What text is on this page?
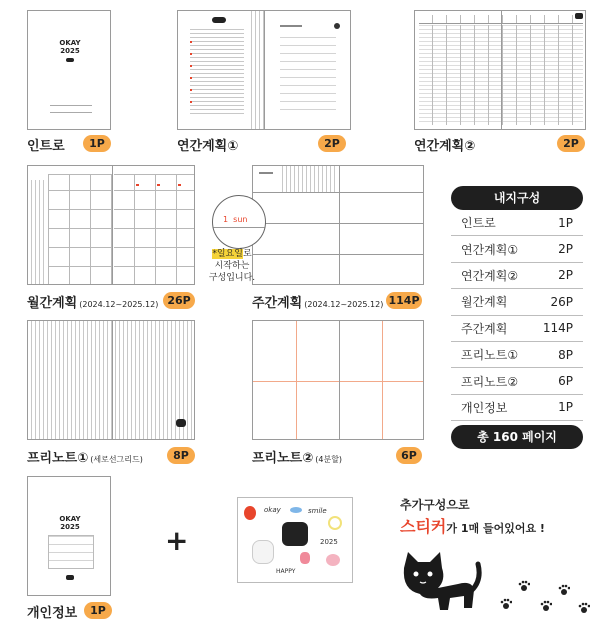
OKAY
2025
인트로	1P	연간계획①	2P	연간계획②	2P
월간계획 (2024.12~2025.12) 26P
1  sun
*일요일로
시작하는
구성입니다.
주간계획 (2024.12~2025.12) 114P
프리노트① (세로선그리드)	8P	프리노트② (4분할)	6P
내지구성
인트로	1P
연간계획①	2P
연간계획②	2P
월간계획	26P
주간계획	114P
프리노트①	8P
프리노트②	6P
개인정보	1P
총 160 페이지
OKAY
2025
개인정보	1P
+
okay	smile
2025
HAPPY
추가구성으로
스티커가 1매 들어있어요 !
